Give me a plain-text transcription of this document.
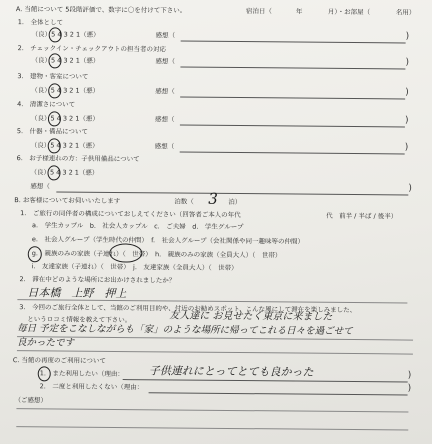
A. 当館について 5段階評価で、数字に〇を付けて下さい。	宿泊日（	年	月）・お部屋（	名用）
1.　全体として
（良）5 4 3 2 1（悪）	感想（	)
2.　チェックイン・チェックアウトの担当者の対応
（良）5 4 3 2 1（悪）	感想（	)
3.　建物・客室について
（良）5 4 3 2 1（悪）	感想（	)
4.　清潔さについて
（良）5 4 3 2 1（悪）	感想（	)
5.　什器・備品について
（良）5 4 3 2 1（悪）	感想（	)
6.　お子様連れの方：子供用備品について
（良）5 4 3 2 1（悪）
感想（	)
B. お客様についてお伺いいたします	泊数（ 3 泊）
1.　ご旅行の同伴者の構成についておしえてください（回答者ご本人の年代	代　前半 / 半ば / 後半）
a.　学生カップル　b.　社会人カップル　c.　ご夫婦　d.　学生グループ
e.　社会人グループ（学生時代の仲間）　f.　社会人グループ（会社関係や同一趣味等の仲間）
g.　親族のみの家族（子連れ）（　世帯）　h.　親族のみの家族（全員大人）（　世帯）
i.　友達家族（子連れ）（　世帯）　j.　友達家族（全員大人）（　世帯）
2.　滞在中どのような場所にお出かけされましたか？
日本橋　上野　押上
3.　今回のご旅行全体として、当館のご利用目的や、付近のお勧めスポット、こんな風にして滞在を楽しみました、
というロコミ情報を教えて下さい。	友人達に お見せたく東京に来ました
毎日 予定をこなしながらも「家」のような場所に帰ってこれる日々を過ごせて
良かったです
C. 当館の再度のご利用について
1.　また利用したい（理由： 子供連れにとってとても良かった	)
2.　二度と利用したくない（理由：	)
（ご感想）
